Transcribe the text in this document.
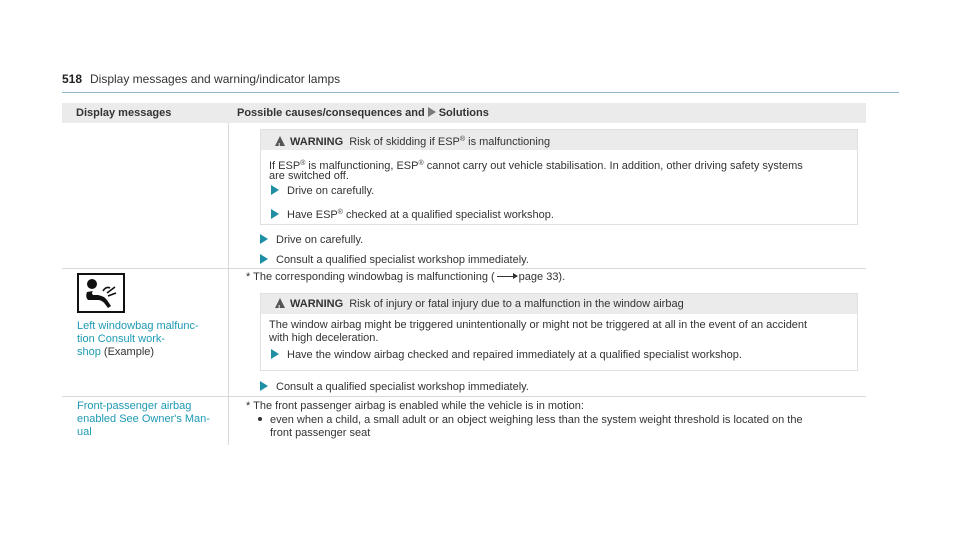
518 Display messages and warning/indicator lamps
Display messages	Possible causes/consequences and Solutions
!WARNING Risk of skidding if ESP® is malfunctioning
If ESP® is malfunctioning, ESP® cannot carry out vehicle stabilisation. In addition, other driving safety systems
are switched off.
Drive on carefully.
Have ESP® checked at a qualified specialist workshop.
Drive on carefully.
Consult a qualified specialist workshop immediately.
Left windowbag malfunc-
tion Consult work-
shop (Example)
* The corresponding windowbag is malfunctioning ( page 33).
!WARNING Risk of injury or fatal injury due to a malfunction in the window airbag
The window airbag might be triggered unintentionally or might not be triggered at all in the event of an accident
with high deceleration.
Have the window airbag checked and repaired immediately at a qualified specialist workshop.
Consult a qualified specialist workshop immediately.
Front-passenger airbag
enabled See Owner's Man-
ual
* The front passenger airbag is enabled while the vehicle is in motion:
even when a child, a small adult or an object weighing less than the system weight threshold is located on the
front passenger seat
